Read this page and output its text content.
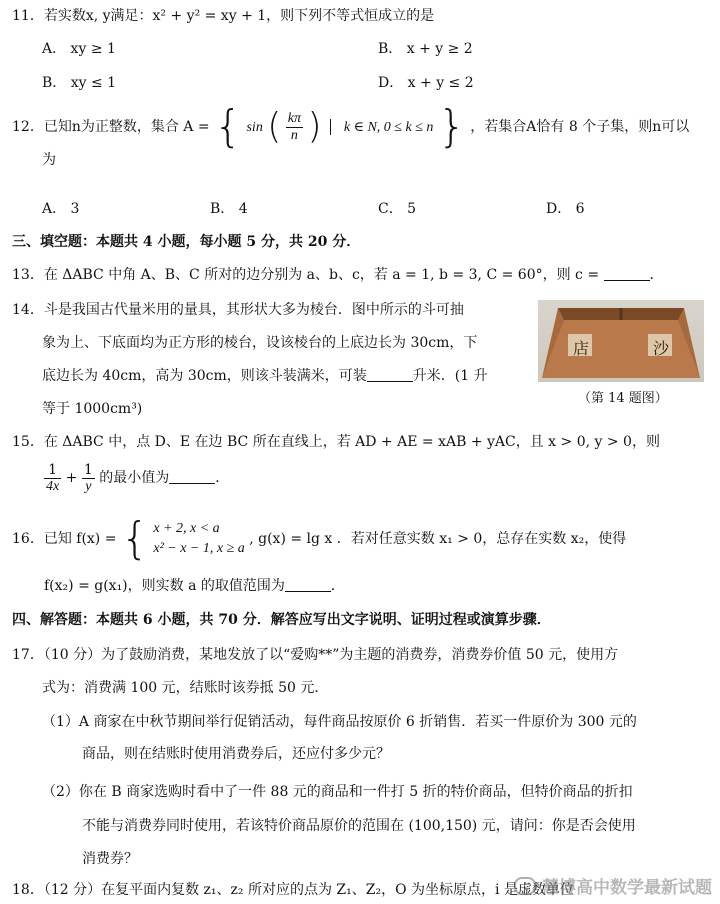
11．若实数x, y满足：x² + y² = xy + 1，则下列不等式恒成立的是
A． xy ≥ 1	B． x + y ≥ 2
B． xy ≤ 1	D． x + y ≤ 2
12．已知n为正整数，集合 A = { sin ( $\frac{k\pi}{n}$ ) k ∈ N, 0 ≤ k ≤ n } ，若集合A恰有 8 个子集，则n可以
为
A． 3	B． 4	C． 5	D． 6
三、填空题：本题共 4 小题，每小题 5 分，共 20 分．
13．在 ΔABC 中角 A、B、C 所对的边分别为 a、b、c，若 a = 1, b = 3, C = 60°，则 c =	．
14．斗是我国古代量米用的量具，其形状大多为棱台．图中所示的斗可抽
象为上、下底面均为正方形的棱台，设该棱台的上底边长为 30cm，下
底边长为 40cm，高为 30cm，则该斗装满米，可装	升米．(1 升
等于 1000cm³)
店	沙
（第 14 题图）
15．在 ΔABC 中，点 D、E 在边 BC 所在直线上，若 AD + AE = xAB + yAC，且 x > 0, y > 0，则
$\frac{1}{4x} + \frac{1}{y}$ 的最小值为	．
16．已知 f(x) = { x + 2, x < a
x² − x − 1, x ≥ a
, g(x) = lg x ．若对任意实数 x₁ > 0，总存在实数 x₂，使得
f(x₂) = g(x₁)，则实数 a 的取值范围为	．
四、解答题：本题共 6 小题，共 70 分．解答应写出文字说明、证明过程或演算步骤．
17．（10 分）为了鼓励消费，某地发放了以“爱购**”为主题的消费券，消费券价值 50 元，使用方
式为：消费满 100 元，结账时该券抵 50 元．
（1）A 商家在中秋节期间举行促销活动，每件商品按原价 6 折销售．若买一件原价为 300 元的
商品，则在结账时使用消费券后，还应付多少元？
（2）你在 B 商家选购时看中了一件 88 元的商品和一件打 5 折的特价商品，但特价商品的折扣
不能与消费券同时使用，若该特价商品原价的范围在 (100,150) 元，请问：你是否会使用
消费券？
18．（12 分）在复平面内复数 z₁、z₂ 所对应的点为 Z₁、Z₂，O 为坐标原点，i 是虚数单位
慧博高中数学最新试题
